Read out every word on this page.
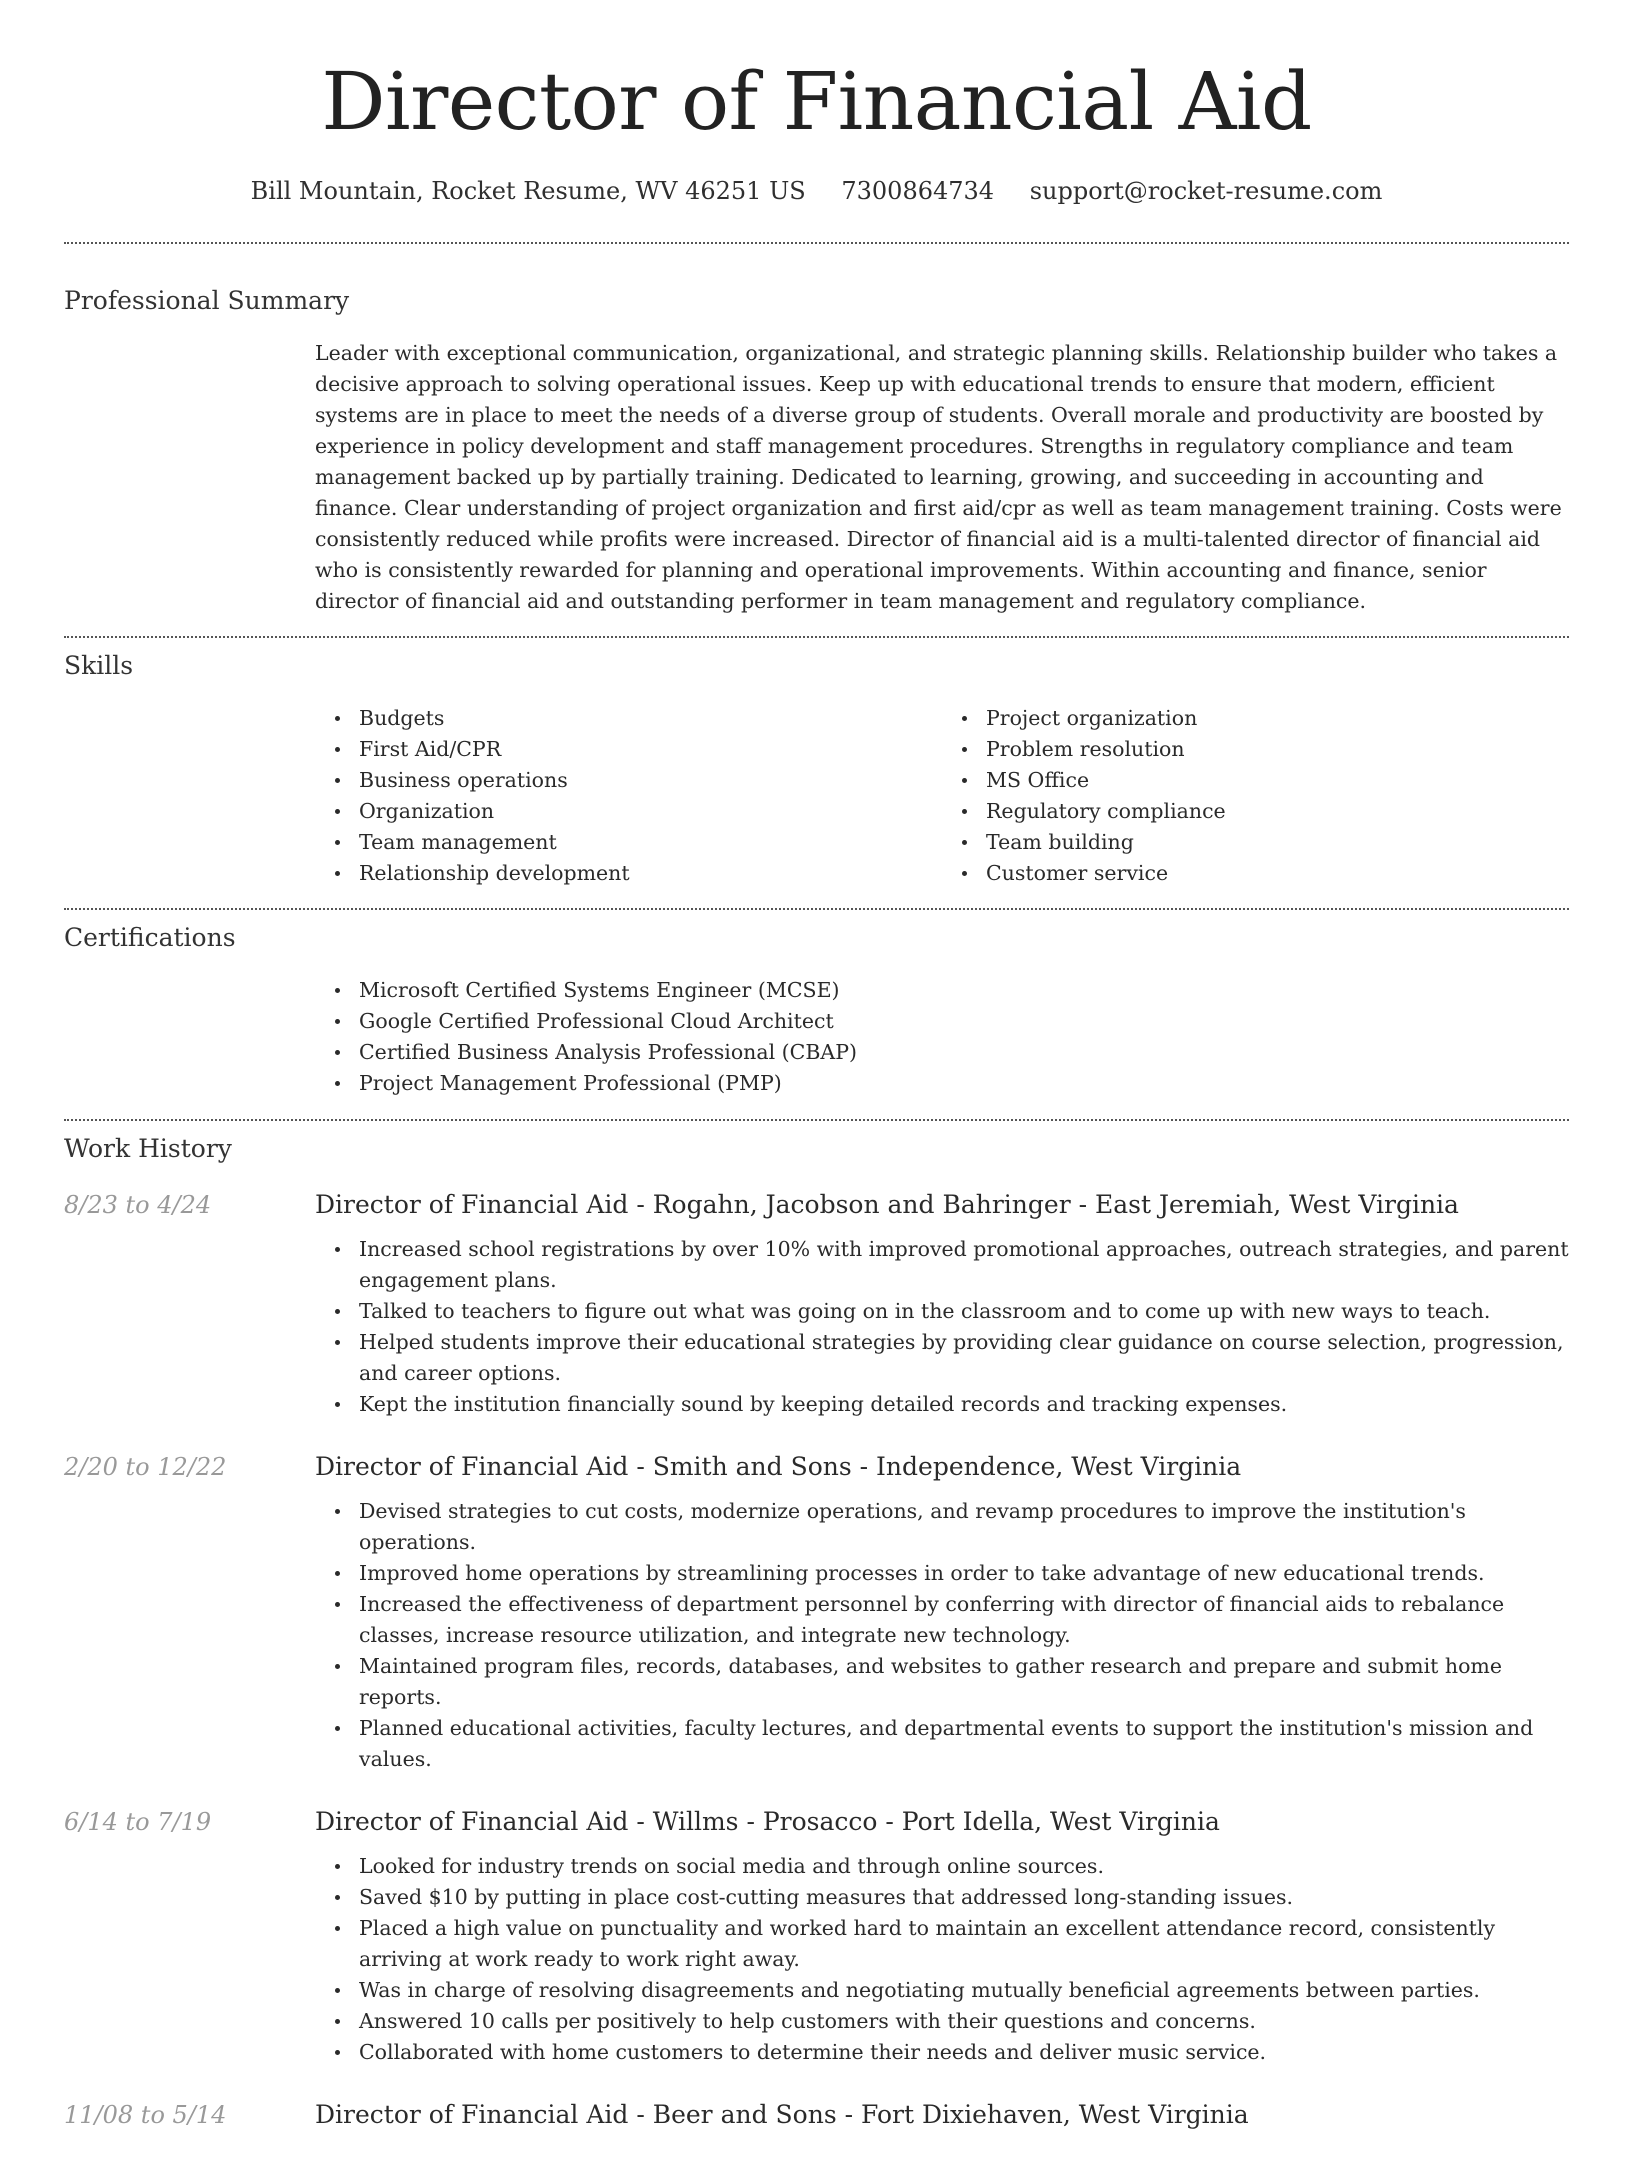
Director of Financial Aid
Bill Mountain, Rocket Resume, WV 46251 US 7300864734 support@rocket-resume.com
Professional Summary

Leader with exceptional communication, organizational, and strategic planning skills. Relationship builder who takes a decisive approach to solving operational issues. Keep up with educational trends to ensure that modern, efficient systems are in place to meet the needs of a diverse group of students. Overall morale and productivity are boosted by experience in policy development and staff management procedures. Strengths in regulatory compliance and team management backed up by partially training. Dedicated to learning, growing, and succeeding in accounting and finance. Clear understanding of project organization and first aid/cpr as well as team management training. Costs were consistently reduced while profits were increased. Director of financial aid is a multi-talented director of financial aid who is consistently rewarded for planning and operational improvements. Within accounting and finance, senior director of financial aid and outstanding performer in team management and regulatory compliance.

Skills
Budgets
First Aid/CPR
Business operations
Organization
Team management
Relationship development
Project organization
Problem resolution
MS Office
Regulatory compliance
Team building
Customer service
Certifications
Microsoft Certified Systems Engineer (MCSE)
Google Certified Professional Cloud Architect
Certified Business Analysis Professional (CBAP)
Project Management Professional (PMP)
Work History
8/23 to 4/24	Director of Financial Aid - Rogahn, Jacobson and Bahringer - East Jeremiah, West Virginia
Increased school registrations by over 10% with improved promotional approaches, outreach strategies, and parent engagement plans.
Talked to teachers to figure out what was going on in the classroom and to come up with new ways to teach.
Helped students improve their educational strategies by providing clear guidance on course selection, progression, and career options.
Kept the institution financially sound by keeping detailed records and tracking expenses.
2/20 to 12/22	Director of Financial Aid - Smith and Sons - Independence, West Virginia
Devised strategies to cut costs, modernize operations, and revamp procedures to improve the institution's operations.
Improved home operations by streamlining processes in order to take advantage of new educational trends.
Increased the effectiveness of department personnel by conferring with director of financial aids to rebalance classes, increase resource utilization, and integrate new technology.
Maintained program files, records, databases, and websites to gather research and prepare and submit home reports.
Planned educational activities, faculty lectures, and departmental events to support the institution's mission and values.
6/14 to 7/19	Director of Financial Aid - Willms - Prosacco - Port Idella, West Virginia
Looked for industry trends on social media and through online sources.
Saved $10 by putting in place cost-cutting measures that addressed long-standing issues.
Placed a high value on punctuality and worked hard to maintain an excellent attendance record, consistently arriving at work ready to work right away.
Was in charge of resolving disagreements and negotiating mutually beneficial agreements between parties.
Answered 10 calls per positively to help customers with their questions and concerns.
Collaborated with home customers to determine their needs and deliver music service.
11/08 to 5/14	Director of Financial Aid - Beer and Sons - Fort Dixiehaven, West Virginia
